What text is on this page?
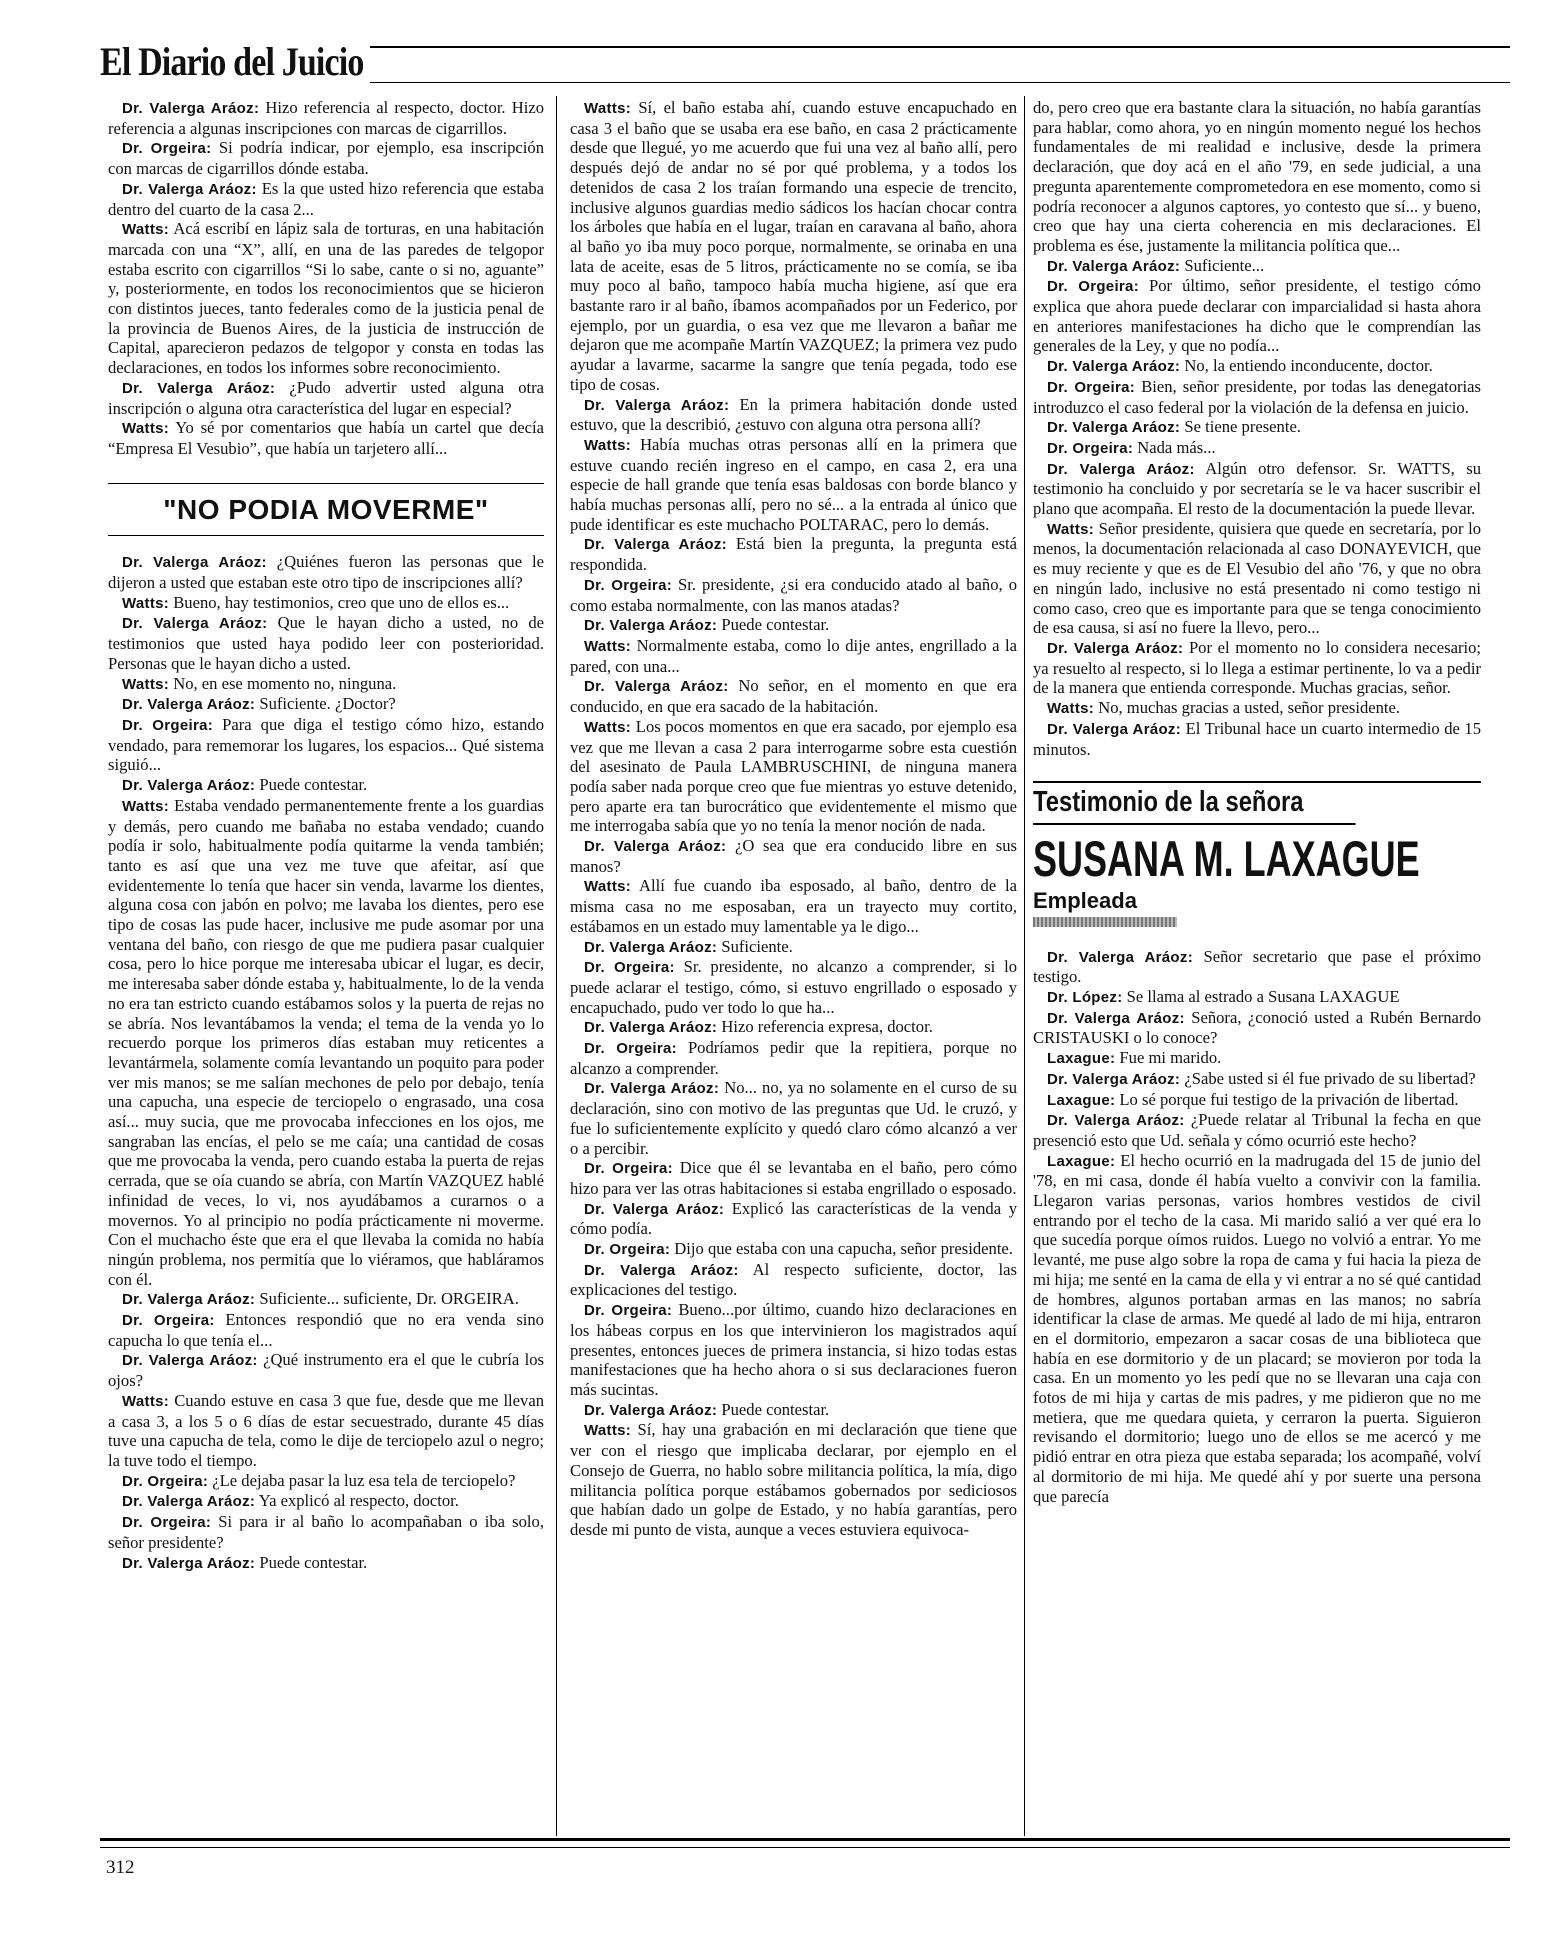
El Diario del Juicio

Dr. Valerga Aráoz: Hizo referencia al respecto, doctor. Hizo referencia a algunas inscripciones con marcas de cigarrillos.

Dr. Orgeira: Si podría indicar, por ejemplo, esa inscripción con marcas de cigarrillos dónde estaba.

Dr. Valerga Aráoz: Es la que usted hizo referencia que estaba dentro del cuarto de la casa 2...

Watts: Acá escribí en lápiz sala de torturas, en una habitación marcada con una “X”, allí, en una de las paredes de telgopor estaba escrito con cigarrillos “Si lo sabe, cante o si no, aguante” y, posteriormente, en todos los reconocimientos que se hicieron con distintos jueces, tanto federales como de la justicia penal de la provincia de Buenos Aires, de la justicia de instrucción de Capital, aparecieron pedazos de telgopor y consta en todas las declaraciones, en todos los informes sobre reconocimiento.

Dr. Valerga Aráoz: ¿Pudo advertir usted alguna otra inscripción o alguna otra característica del lugar en especial?

Watts: Yo sé por comentarios que había un cartel que decía “Empresa El Vesubio”, que había un tarjetero allí...

"NO PODIA MOVERME"

Dr. Valerga Aráoz: ¿Quiénes fueron las personas que le dijeron a usted que estaban este otro tipo de inscripciones allí?

Watts: Bueno, hay testimonios, creo que uno de ellos es...

Dr. Valerga Aráoz: Que le hayan dicho a usted, no de testimonios que usted haya podido leer con posterioridad. Personas que le hayan dicho a usted.

Watts: No, en ese momento no, ninguna.

Dr. Valerga Aráoz: Suficiente. ¿Doctor?

Dr. Orgeira: Para que diga el testigo cómo hizo, estando vendado, para rememorar los lugares, los espacios... Qué sistema siguió...

Dr. Valerga Aráoz: Puede contestar.

Watts: Estaba vendado permanentemente frente a los guardias y demás, pero cuando me bañaba no estaba vendado; cuando podía ir solo, habitualmente podía quitarme la venda también; tanto es así que una vez me tuve que afeitar, así que evidentemente lo tenía que hacer sin venda, lavarme los dientes, alguna cosa con jabón en polvo; me lavaba los dientes, pero ese tipo de cosas las pude hacer, inclusive me pude asomar por una ventana del baño, con riesgo de que me pudiera pasar cualquier cosa, pero lo hice porque me interesaba ubicar el lugar, es decir, me interesaba saber dónde estaba y, habitualmente, lo de la venda no era tan estricto cuando estábamos solos y la puerta de rejas no se abría. Nos levantábamos la venda; el tema de la venda yo lo recuerdo porque los primeros días estaban muy reticentes a levantármela, solamente comía levantando un poquito para poder ver mis manos; se me salían mechones de pelo por debajo, tenía una capucha, una especie de terciopelo o engrasado, una cosa así... muy sucia, que me provocaba infecciones en los ojos, me sangraban las encías, el pelo se me caía; una cantidad de cosas que me provocaba la venda, pero cuando estaba la puerta de rejas cerrada, que se oía cuando se abría, con Martín VAZQUEZ hablé infinidad de veces, lo vi, nos ayudábamos a curarnos o a movernos. Yo al principio no podía prácticamente ni moverme. Con el muchacho éste que era el que llevaba la comida no había ningún problema, nos permitía que lo viéramos, que habláramos con él.

Dr. Valerga Aráoz: Suficiente... suficiente, Dr. ORGEIRA.

Dr. Orgeira: Entonces respondió que no era venda sino capucha lo que tenía el...

Dr. Valerga Aráoz: ¿Qué instrumento era el que le cubría los ojos?

Watts: Cuando estuve en casa 3 que fue, desde que me llevan a casa 3, a los 5 o 6 días de estar secuestrado, durante 45 días tuve una capucha de tela, como le dije de terciopelo azul o negro; la tuve todo el tiempo.

Dr. Orgeira: ¿Le dejaba pasar la luz esa tela de terciopelo?

Dr. Valerga Aráoz: Ya explicó al respecto, doctor.

Dr. Orgeira: Si para ir al baño lo acompañaban o iba solo, señor presidente?

Dr. Valerga Aráoz: Puede contestar.

Watts: Sí, el baño estaba ahí, cuando estuve encapuchado en casa 3 el baño que se usaba era ese baño, en casa 2 prácticamente desde que llegué, yo me acuerdo que fui una vez al baño allí, pero después dejó de andar no sé por qué problema, y a todos los detenidos de casa 2 los traían formando una especie de trencito, inclusive algunos guardias medio sádicos los hacían chocar contra los árboles que había en el lugar, traían en caravana al baño, ahora al baño yo iba muy poco porque, normalmente, se orinaba en una lata de aceite, esas de 5 litros, prácticamente no se comía, se iba muy poco al baño, tampoco había mucha higiene, así que era bastante raro ir al baño, íbamos acompañados por un Federico, por ejemplo, por un guardia, o esa vez que me llevaron a bañar me dejaron que me acompañe Martín VAZQUEZ; la primera vez pudo ayudar a lavarme, sacarme la sangre que tenía pegada, todo ese tipo de cosas.

Dr. Valerga Aráoz: En la primera habitación donde usted estuvo, que la describió, ¿estuvo con alguna otra persona allí?

Watts: Había muchas otras personas allí en la primera que estuve cuando recién ingreso en el campo, en casa 2, era una especie de hall grande que tenía esas baldosas con borde blanco y había muchas personas allí, pero no sé... a la entrada al único que pude identificar es este muchacho POLTARAC, pero lo demás.

Dr. Valerga Aráoz: Está bien la pregunta, la pregunta está respondida.

Dr. Orgeira: Sr. presidente, ¿si era conducido atado al baño, o como estaba normalmente, con las manos atadas?

Dr. Valerga Aráoz: Puede contestar.

Watts: Normalmente estaba, como lo dije antes, engrillado a la pared, con una...

Dr. Valerga Aráoz: No señor, en el momento en que era conducido, en que era sacado de la habitación.

Watts: Los pocos momentos en que era sacado, por ejemplo esa vez que me llevan a casa 2 para interrogarme sobre esta cuestión del asesinato de Paula LAMBRUSCHINI, de ninguna manera podía saber nada porque creo que fue mientras yo estuve detenido, pero aparte era tan burocrático que evidentemente el mismo que me interrogaba sabía que yo no tenía la menor noción de nada.

Dr. Valerga Aráoz: ¿O sea que era conducido libre en sus manos?

Watts: Allí fue cuando iba esposado, al baño, dentro de la misma casa no me esposaban, era un trayecto muy cortito, estábamos en un estado muy lamentable ya le digo...

Dr. Valerga Aráoz: Suficiente.

Dr. Orgeira: Sr. presidente, no alcanzo a comprender, si lo puede aclarar el testigo, cómo, si estuvo engrillado o esposado y encapuchado, pudo ver todo lo que ha...

Dr. Valerga Aráoz: Hizo referencia expresa, doctor.

Dr. Orgeira: Podríamos pedir que la repitiera, porque no alcanzo a comprender.

Dr. Valerga Aráoz: No... no, ya no solamente en el curso de su declaración, sino con motivo de las preguntas que Ud. le cruzó, y fue lo suficientemente explícito y quedó claro cómo alcanzó a ver o a percibir.

Dr. Orgeira: Dice que él se levantaba en el baño, pero cómo hizo para ver las otras habitaciones si estaba engrillado o esposado.

Dr. Valerga Aráoz: Explicó las características de la venda y cómo podía.

Dr. Orgeira: Dijo que estaba con una capucha, señor presidente.

Dr. Valerga Aráoz: Al respecto suficiente, doctor, las explicaciones del testigo.

Dr. Orgeira: Bueno...por último, cuando hizo declaraciones en los hábeas corpus en los que intervinieron los magistrados aquí presentes, entonces jueces de primera instancia, si hizo todas estas manifestaciones que ha hecho ahora o si sus declaraciones fueron más sucintas.

Dr. Valerga Aráoz: Puede contestar.

Watts: Sí, hay una grabación en mi declaración que tiene que ver con el riesgo que implicaba declarar, por ejemplo en el Consejo de Guerra, no hablo sobre militancia política, la mía, digo militancia política porque estábamos gobernados por sediciosos que habían dado un golpe de Estado, y no había garantías, pero desde mi punto de vista, aunque a veces estuviera equivoca-

do, pero creo que era bastante clara la situación, no había garantías para hablar, como ahora, yo en ningún momento negué los hechos fundamentales de mi realidad e inclusive, desde la primera declaración, que doy acá en el año '79, en sede judicial, a una pregunta aparentemente comprometedora en ese momento, como si podría reconocer a algunos captores, yo contesto que sí... y bueno, creo que hay una cierta coherencia en mis declaraciones. El problema es ése, justamente la militancia política que...

Dr. Valerga Aráoz: Suficiente...

Dr. Orgeira: Por último, señor presidente, el testigo cómo explica que ahora puede declarar con imparcialidad si hasta ahora en anteriores manifestaciones ha dicho que le comprendían las generales de la Ley, y que no podía...

Dr. Valerga Aráoz: No, la entiendo inconducente, doctor.

Dr. Orgeira: Bien, señor presidente, por todas las denegatorias introduzco el caso federal por la violación de la defensa en juicio.

Dr. Valerga Aráoz: Se tiene presente.

Dr. Orgeira: Nada más...

Dr. Valerga Aráoz: Algún otro defensor. Sr. WATTS, su testimonio ha concluido y por secretaría se le va hacer suscribir el plano que acompaña. El resto de la documentación la puede llevar.

Watts: Señor presidente, quisiera que quede en secretaría, por lo menos, la documentación relacionada al caso DONAYEVICH, que es muy reciente y que es de El Vesubio del año '76, y que no obra en ningún lado, inclusive no está presentado ni como testigo ni como caso, creo que es importante para que se tenga conocimiento de esa causa, si así no fuere la llevo, pero...

Dr. Valerga Aráoz: Por el momento no lo considera necesario; ya resuelto al respecto, si lo llega a estimar pertinente, lo va a pedir de la manera que entienda corresponde. Muchas gracias, señor.

Watts: No, muchas gracias a usted, señor presidente.

Dr. Valerga Aráoz: El Tribunal hace un cuarto intermedio de 15 minutos.

Testimonio de la señora
SUSANA M. LAXAGUE
Empleada

Dr. Valerga Aráoz: Señor secretario que pase el próximo testigo.

Dr. López: Se llama al estrado a Susana LAXAGUE

Dr. Valerga Aráoz: Señora, ¿conoció usted a Rubén Bernardo CRISTAUSKI o lo conoce?

Laxague: Fue mi marido.

Dr. Valerga Aráoz: ¿Sabe usted si él fue privado de su libertad?

Laxague: Lo sé porque fui testigo de la privación de libertad.

Dr. Valerga Aráoz: ¿Puede relatar al Tribunal la fecha en que presenció esto que Ud. señala y cómo ocurrió este hecho?

Laxague: El hecho ocurrió en la madrugada del 15 de junio del '78, en mi casa, donde él había vuelto a convivir con la familia. Llegaron varias personas, varios hombres vestidos de civil entrando por el techo de la casa. Mi marido salió a ver qué era lo que sucedía porque oímos ruidos. Luego no volvió a entrar. Yo me levanté, me puse algo sobre la ropa de cama y fui hacia la pieza de mi hija; me senté en la cama de ella y vi entrar a no sé qué cantidad de hombres, algunos portaban armas en las manos; no sabría identificar la clase de armas. Me quedé al lado de mi hija, entraron en el dormitorio, empezaron a sacar cosas de una biblioteca que había en ese dormitorio y de un placard; se movieron por toda la casa. En un momento yo les pedí que no se llevaran una caja con fotos de mi hija y cartas de mis padres, y me pidieron que no me metiera, que me quedara quieta, y cerraron la puerta. Siguieron revisando el dormitorio; luego uno de ellos se me acercó y me pidió entrar en otra pieza que estaba separada; los acompañé, volví al dormitorio de mi hija. Me quedé ahí y por suerte una persona que parecía

312
